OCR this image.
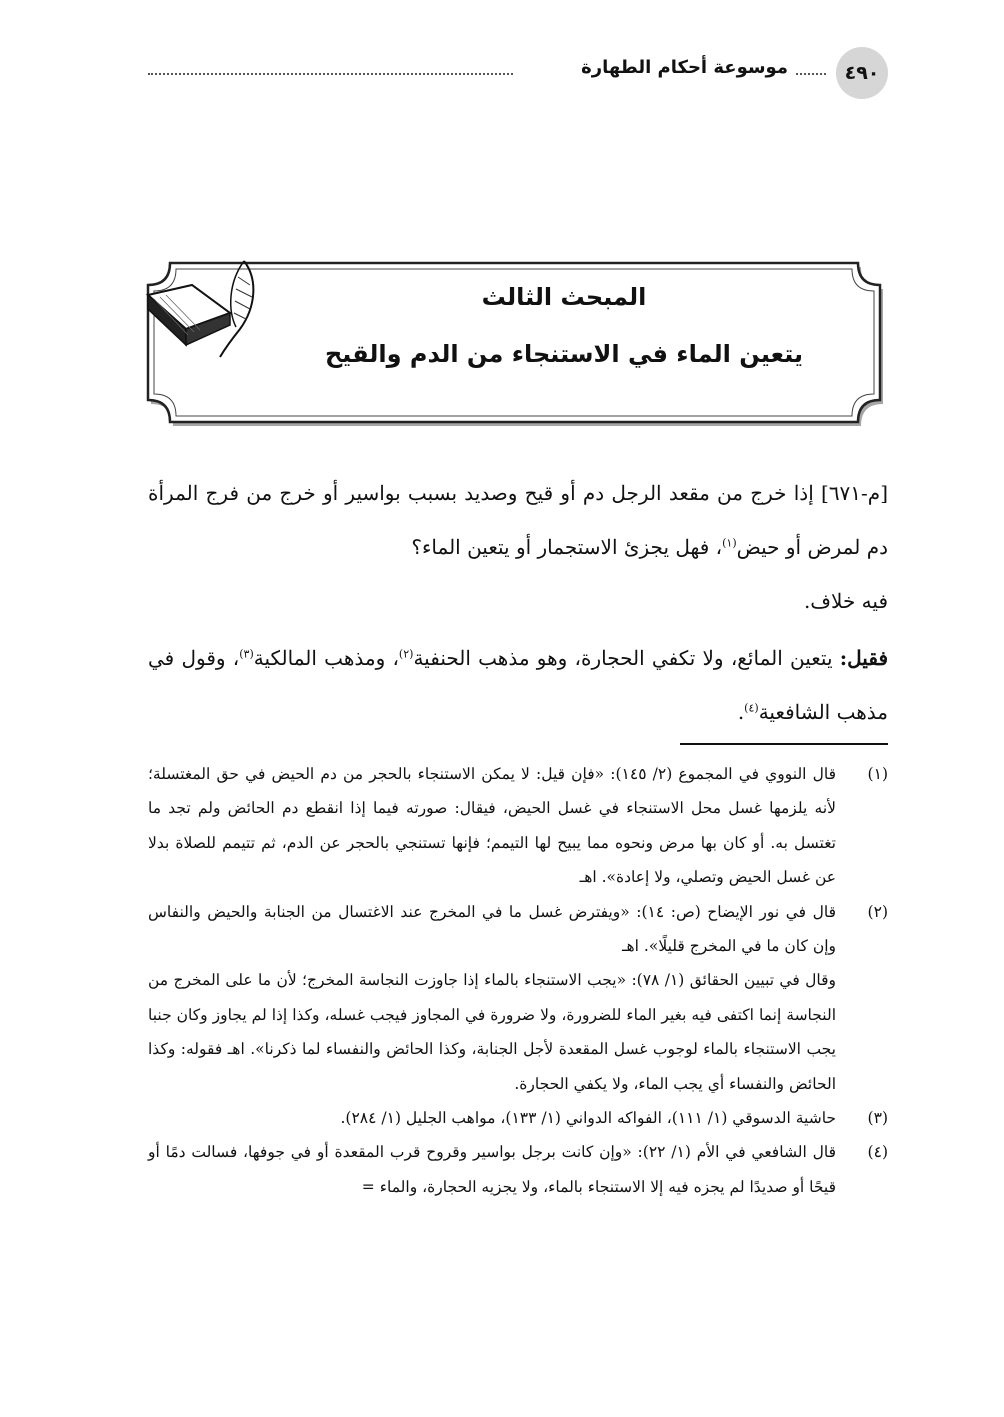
٤٩٠
موسوعة أحكام الطهارة
المبحث الثالث
يتعين الماء في الاستنجاء من الدم والقيح

[م-٦٧١] إذا خرج من مقعد الرجل دم أو قيح وصديد بسبب بواسير أو خرج من فرج المرأة دم لمرض أو حيض$^{(١)}$، فهل يجزئ الاستجمار أو يتعين الماء؟

فيه خلاف.

فقيل: يتعين المائع، ولا تكفي الحجارة، وهو مذهب الحنفية$^{(٢)}$، ومذهب المالكية$^{(٣)}$، وقول في مذهب الشافعية$^{(٤)}$.

(١)

قال النووي في المجموع (٢/ ١٤٥): «فإن قيل: لا يمكن الاستنجاء بالحجر من دم الحيض في حق المغتسلة؛ لأنه يلزمها غسل محل الاستنجاء في غسل الحيض، فيقال: صورته فيما إذا انقطع دم الحائض ولم تجد ما تغتسل به. أو كان بها مرض ونحوه مما يبيح لها التيمم؛ فإنها تستنجي بالحجر عن الدم، ثم تتيمم للصلاة بدلا عن غسل الحيض وتصلي، ولا إعادة». اهـ

(٢)

قال في نور الإيضاح (ص: ١٤): «ويفترض غسل ما في المخرج عند الاغتسال من الجنابة والحيض والنفاس وإن كان ما في المخرج قليلًا». اهـ

وقال في تبيين الحقائق (١/ ٧٨): «يجب الاستنجاء بالماء إذا جاوزت النجاسة المخرج؛ لأن ما على المخرج من النجاسة إنما اكتفى فيه بغير الماء للضرورة، ولا ضرورة في المجاوز فيجب غسله، وكذا إذا لم يجاوز وكان جنبا يجب الاستنجاء بالماء لوجوب غسل المقعدة لأجل الجنابة، وكذا الحائض والنفساء لما ذكرنا». اهـ فقوله: وكذا الحائض والنفساء أي يجب الماء، ولا يكفي الحجارة.

(٣)

حاشية الدسوقي (١/ ١١١)، الفواكه الدواني (١/ ١٣٣)، مواهب الجليل (١/ ٢٨٤).

(٤)

قال الشافعي في الأم (١/ ٢٢): «وإن كانت برجل بواسير وقروح قرب المقعدة أو في جوفها، فسالت دمًا أو قيحًا أو صديدًا لم يجزه فيه إلا الاستنجاء بالماء، ولا يجزيه الحجارة، والماء =
